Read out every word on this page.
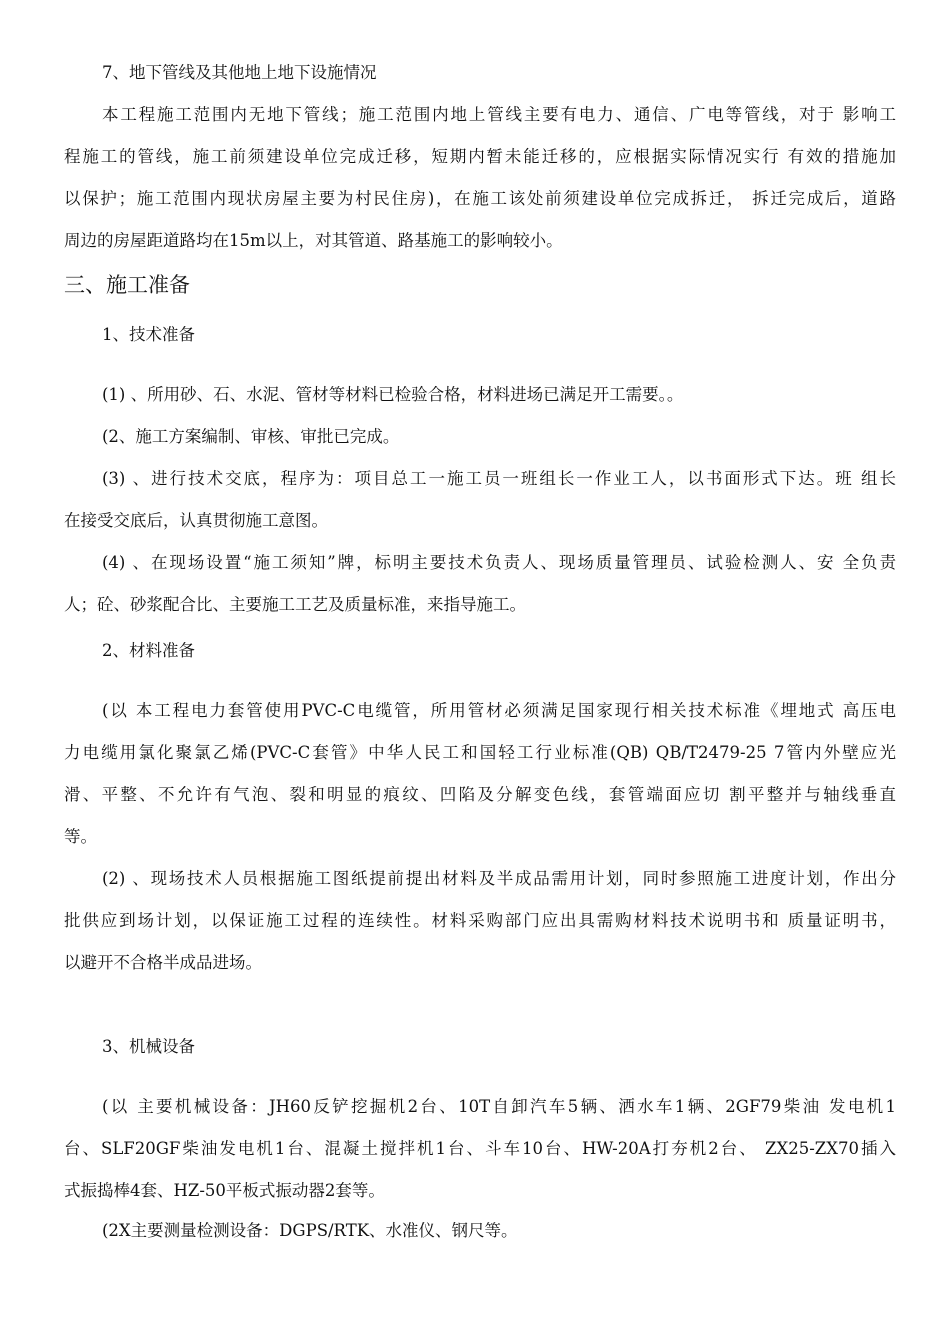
7、地下管线及其他地上地下设施情况
本工程施工范围内无地下管线；施工范围内地上管线主要有电力、通信、广电等管线，对于 影响工
程施工的管线，施工前须建设单位完成迁移，短期内暂未能迁移的，应根据实际情况实行 有效的措施加
以保护；施工范围内现状房屋主要为村民住房)，在施工该处前须建设单位完成拆迁， 拆迁完成后，道路
周边的房屋距道路均在15m以上，对其管道、路基施工的影响较小。
三、施工准备
1、技术准备
(1) 、所用砂、石、水泥、管材等材料已检验合格，材料进场已满足开工需要。。
(2、施工方案编制、审核、审批已完成。
(3) 、进行技术交底，程序为：项目总工一施工员一班组长一作业工人，以书面形式下达。班 组长
在接受交底后，认真贯彻施工意图。
(4) 、在现场设置“施工须知”牌，标明主要技术负责人、现场质量管理员、试验检测人、安 全负责
人；砼、砂浆配合比、主要施工工艺及质量标准，来指导施工。
2、材料准备
(以 本工程电力套管使用PVC-C电缆管，所用管材必须满足国家现行相关技术标准《埋地式 高压电
力电缆用氯化聚氯乙烯(PVC-C套管》中华人民工和国轻工行业标准(QB) QB/T2479-25 7管内外壁应光
滑、平整、不允许有气泡、裂和明显的痕纹、凹陷及分解变色线，套管端面应切 割平整并与轴线垂直
等。
(2) 、现场技术人员根据施工图纸提前提出材料及半成品需用计划，同时参照施工进度计划，作出分
批供应到场计划，以保证施工过程的连续性。材料采购部门应出具需购材料技术说明书和 质量证明书，
以避开不合格半成品进场。
3、机械设备
(以 主要机械设备：JH60反铲挖掘机2台、10T自卸汽车5辆、洒水车1辆、2GF79柴油 发电机1
台、SLF20GF柴油发电机1台、混凝土搅拌机1台、斗车10台、HW-20A打夯机2台、 ZX25-ZX70插入
式振捣棒4套、HZ-50平板式振动器2套等。
(2X主要测量检测设备：DGPS/RTK、水准仪、钢尺等。
